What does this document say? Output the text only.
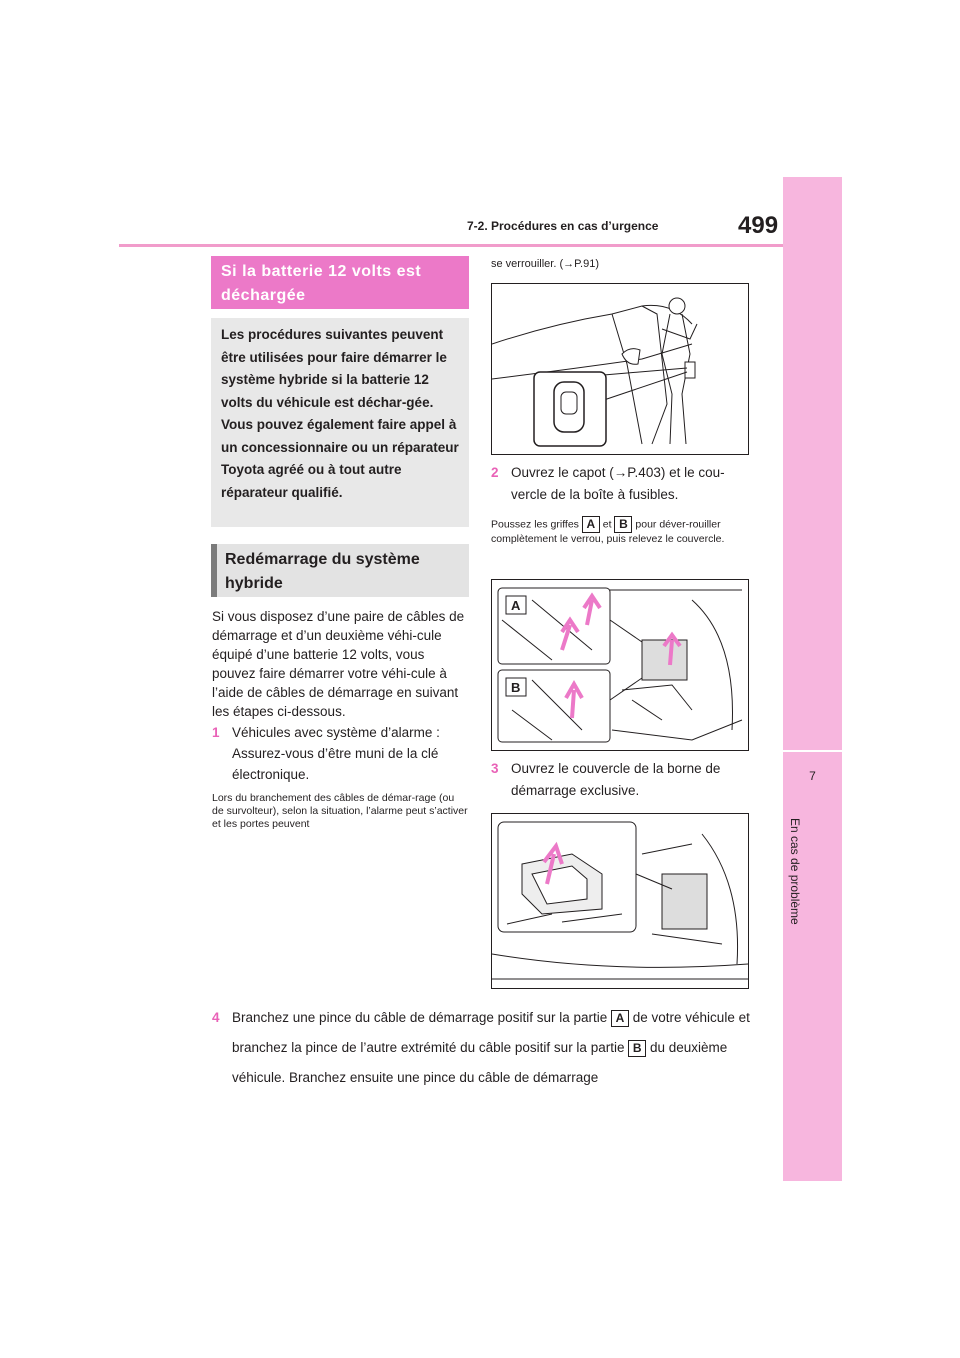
499
7-2. Procédures en cas d’urgence
7
En cas de problème
Si la batterie 12 volts est déchargée
Les procédures suivantes peuvent être utilisées pour faire démarrer le système hybride si la batterie 12 volts du véhicule est déchar-gée.
Vous pouvez également faire appel à un concessionnaire ou un réparateur Toyota agréé ou à tout autre réparateur qualifié.
Redémarrage du système hybride
Si vous disposez d’une paire de câbles de démarrage et d’un deuxième véhi-cule équipé d’une batterie 12 volts, vous pouvez faire démarrer votre véhi-cule à l’aide de câbles de démarrage en suivant les étapes ci-dessous.
1 Véhicules avec système d’alarme : Assurez-vous d’être muni de la clé électronique.
Lors du branchement des câbles de démar-rage (ou de survolteur), selon la situation, l’alarme peut s’activer et les portes peuvent
se verrouiller. (→P.91)
2 Ouvrez le capot (→P.403) et le cou-vercle de la boîte à fusibles.
Poussez les griffes A et B pour déver-rouiller complètement le verrou, puis relevez le couvercle.
A
B
3 Ouvrez le couvercle de la borne de démarrage exclusive.
4 Branchez une pince du câble de démarrage positif sur la partie A de votre véhicule et branchez la pince de l’autre extrémité du câble positif sur la partie B du deuxième véhicule. Branchez ensuite une pince du câble de démarrage
